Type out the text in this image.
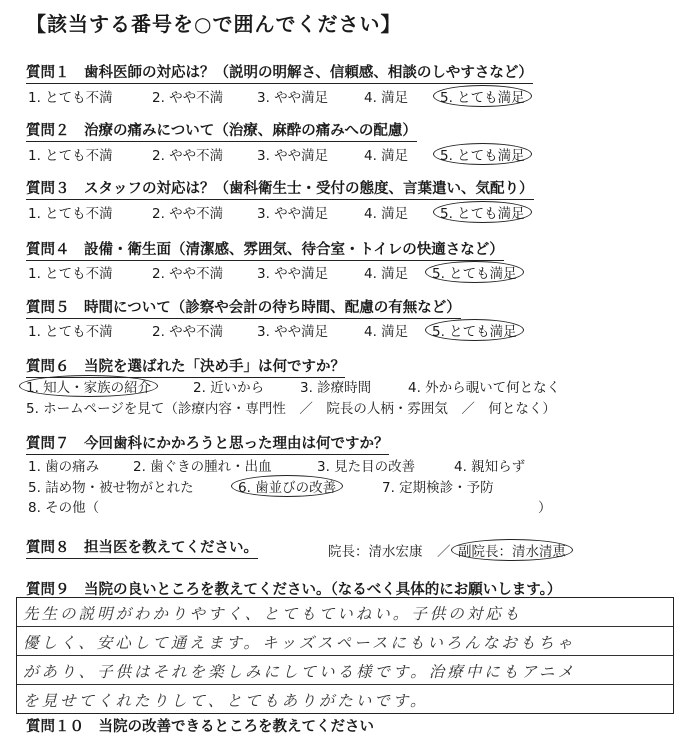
【該当する番号を○で囲んでください】
質問１　歯科医師の対応は？（説明の明解さ、信頼感、相談のしやすさなど）
1. とても不満	2. やや不満	3. やや満足	4. 満足	5. とても満足
質問２　治療の痛みについて（治療、麻酔の痛みへの配慮）
1. とても不満	2. やや不満	3. やや満足	4. 満足	5. とても満足
質問３　スタッフの対応は？（歯科衛生士・受付の態度、言葉遣い、気配り）
1. とても不満	2. やや不満	3. やや満足	4. 満足	5. とても満足
質問４　設備・衛生面（清潔感、雰囲気、待合室・トイレの快適さなど）
1. とても不満	2. やや不満	3. やや満足	4. 満足	5. とても満足
質問５　時間について（診察や会計の待ち時間、配慮の有無など）
1. とても不満	2. やや不満	3. やや満足	4. 満足	5. とても満足
質問６　当院を選ばれた「決め手」は何ですか？
1. 知人・家族の紹介	2. 近いから	3. 診療時間	4. 外から覗いて何となく
5. ホームページを見て（診療内容・専門性　／　院長の人柄・雰囲気　／　何となく）
質問７　今回歯科にかかろうと思った理由は何ですか？
1. 歯の痛み	2. 歯ぐきの腫れ・出血	3. 見た目の改善	4. 親知らず
5. 詰め物・被せ物がとれた	6. 歯並びの改善	7. 定期検診・予防
8. その他（	）
質問８　担当医を教えてください。	院長：清水宏康 ／ 副院長：清水清恵
質問９　当院の良いところを教えてください。（なるべく具体的にお願いします。）
先生の説明がわかりやすく、とてもていねい。子供の対応も
優しく、安心して通えます。キッズスペースにもいろんなおもちゃ
があり、子供はそれを楽しみにしている様です。治療中にもアニメ
を見せてくれたりして、とてもありがたいです。
質問１０　当院の改善できるところを教えてください
